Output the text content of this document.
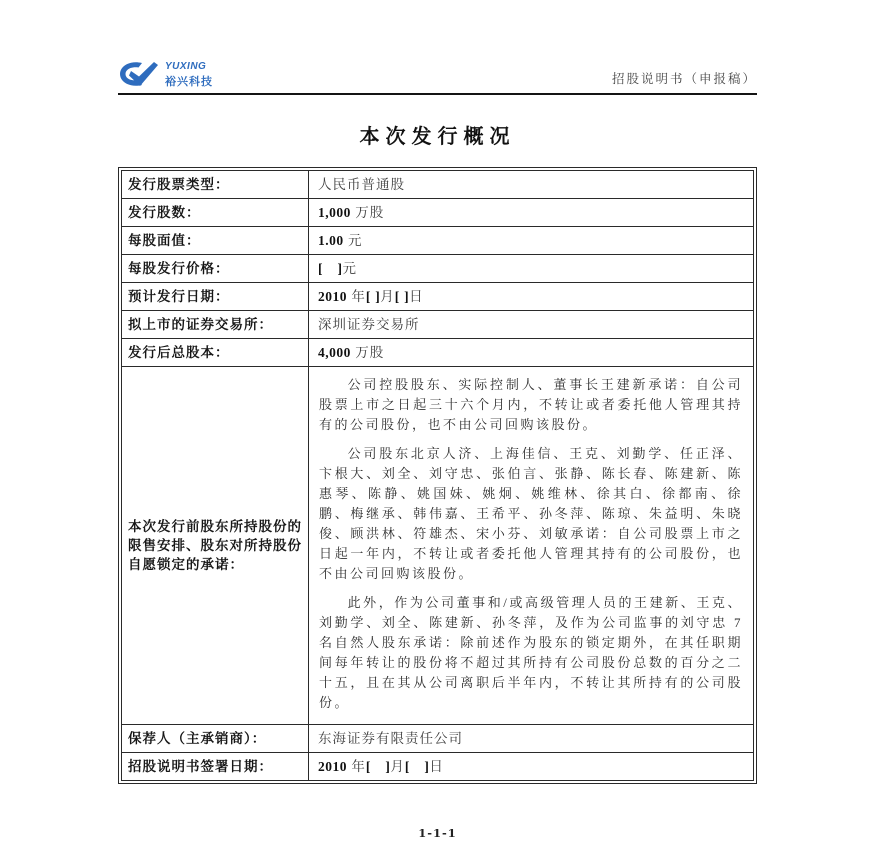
YUXING
裕兴科技	招股说明书（申报稿）
本次发行概况
发行股票类型：	人民币普通股
发行股数：	1,000 万股
每股面值：	1.00 元
每股发行价格：	[　 ]元
预计发行日期：	2010 年[ ]月[ ]日
拟上市的证券交易所：	深圳证券交易所
发行后总股本：	4,000 万股
本次发行前股东所持股份的限售安排、股东对所持股份自愿锁定的承诺：	公司控股股东、实际控制人、董事长王建新承诺：自公司股票上市之日起三十六个月内，不转让或者委托他人管理其持有的公司股份，也不由公司回购该股份。

公司股东北京人济、上海佳信、王克、刘勤学、任正泽、卞根大、刘全、刘守忠、张伯言、张静、陈长春、陈建新、陈惠琴、陈静、姚国妹、姚炯、姚维林、徐其白、徐都南、徐鹏、梅继承、韩伟嘉、王希平、孙冬萍、陈琼、朱益明、朱晓俊、顾洪林、符雄杰、宋小芬、刘敏承诺：自公司股票上市之日起一年内，不转让或者委托他人管理其持有的公司股份，也不由公司回购该股份。

此外，作为公司董事和/或高级管理人员的王建新、王克、刘勤学、刘全、陈建新、孙冬萍，及作为公司监事的刘守忠 7 名自然人股东承诺：除前述作为股东的锁定期外，在其任职期间每年转让的股份将不超过其所持有公司股份总数的百分之二十五，且在其从公司离职后半年内，不转让其所持有的公司股份。

保荐人（主承销商）：	东海证券有限责任公司
招股说明书签署日期：	2010 年[　 ]月[　 ]日
1-1-1
